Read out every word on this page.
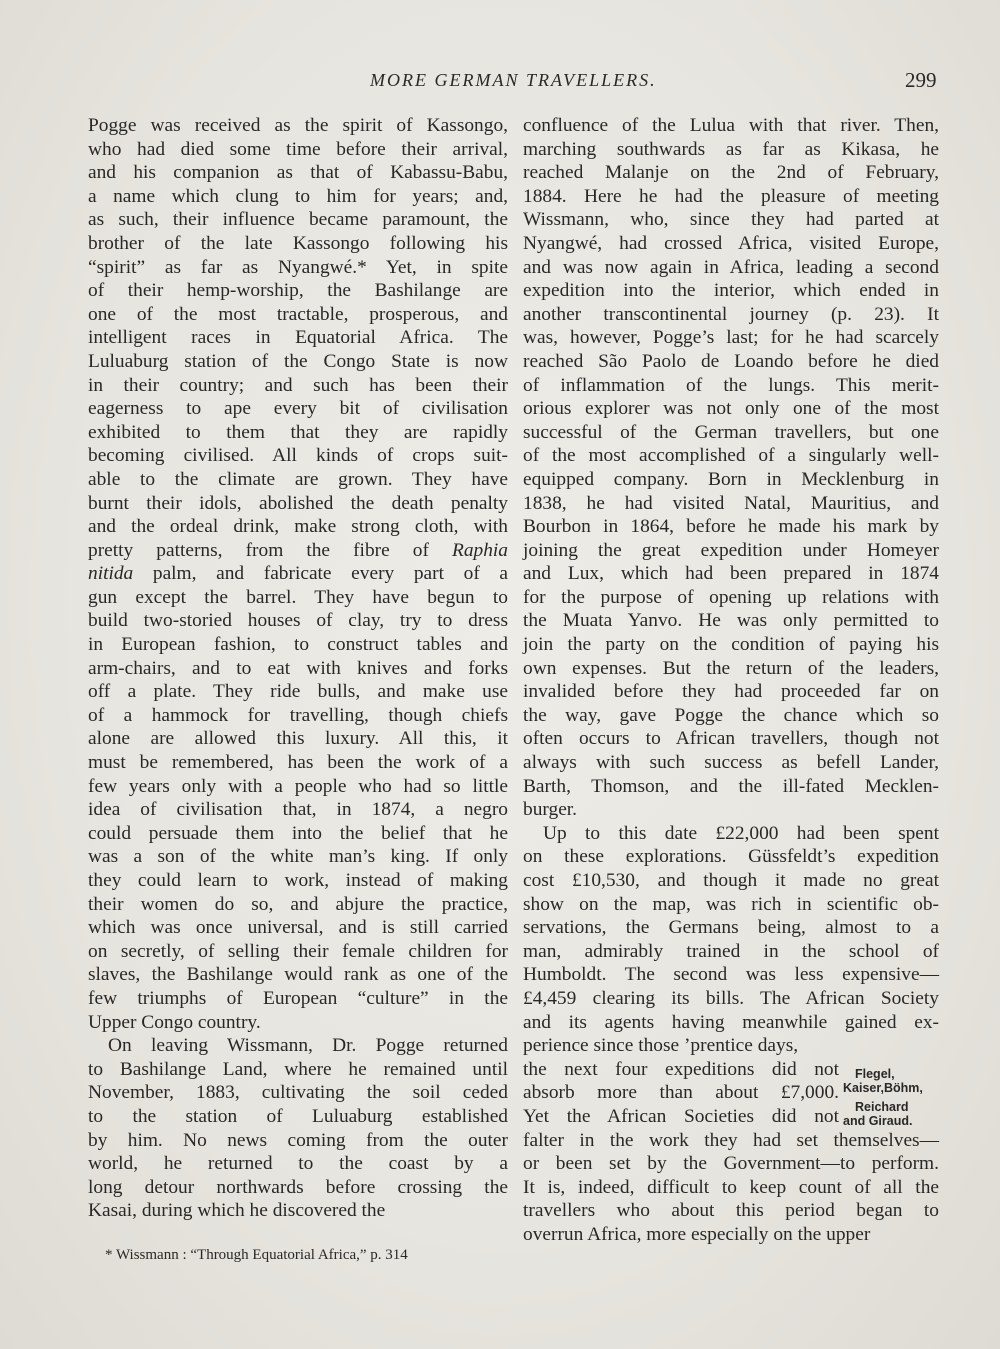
MORE GERMAN TRAVELLERS.	299
Pogge was received as the spirit of Kassongo,
who had died some time before their arrival,
and his companion as that of Kabassu-Babu,
a name which clung to him for years; and,
as such, their influence became paramount, the
brother of the late Kassongo following his
“spirit” as far as Nyangwé.* Yet, in spite
of their hemp-worship, the Bashilange are
one of the most tractable, prosperous, and
intelligent races in Equatorial Africa. The
Luluaburg station of the Congo State is now
in their country; and such has been their
eagerness to ape every bit of civilisation
exhibited to them that they are rapidly
becoming civilised. All kinds of crops suit-
able to the climate are grown. They have
burnt their idols, abolished the death penalty
and the ordeal drink, make strong cloth, with
pretty patterns, from the fibre of Raphia
nitida palm, and fabricate every part of a
gun except the barrel. They have begun to
build two-storied houses of clay, try to dress
in European fashion, to construct tables and
arm-chairs, and to eat with knives and forks
off a plate. They ride bulls, and make use
of a hammock for travelling, though chiefs
alone are allowed this luxury. All this, it
must be remembered, has been the work of a
few years only with a people who had so little
idea of civilisation that, in 1874, a negro
could persuade them into the belief that he
was a son of the white man’s king. If only
they could learn to work, instead of making
their women do so, and abjure the practice,
which was once universal, and is still carried
on secretly, of selling their female children for
slaves, the Bashilange would rank as one of the
few triumphs of European “culture” in the
Upper Congo country.
On leaving Wissmann, Dr. Pogge returned
to Bashilange Land, where he remained until
November, 1883, cultivating the soil ceded
to the station of Luluaburg established
by him. No news coming from the outer
world, he returned to the coast by a
long detour northwards before crossing the
Kasai, during which he discovered the
confluence of the Lulua with that river. Then,
marching southwards as far as Kikasa, he
reached Malanje on the 2nd of February,
1884. Here he had the pleasure of meeting
Wissmann, who, since they had parted at
Nyangwé, had crossed Africa, visited Europe,
and was now again in Africa, leading a second
expedition into the interior, which ended in
another transcontinental journey (p. 23). It
was, however, Pogge’s last; for he had scarcely
reached São Paolo de Loando before he died
of inflammation of the lungs. This merit-
orious explorer was not only one of the most
successful of the German travellers, but one
of the most accomplished of a singularly well-
equipped company. Born in Mecklenburg in
1838, he had visited Natal, Mauritius, and
Bourbon in 1864, before he made his mark by
joining the great expedition under Homeyer
and Lux, which had been prepared in 1874
for the purpose of opening up relations with
the Muata Yanvo. He was only permitted to
join the party on the condition of paying his
own expenses. But the return of the leaders,
invalided before they had proceeded far on
the way, gave Pogge the chance which so
often occurs to African travellers, though not
always with such success as befell Lander,
Barth, Thomson, and the ill-fated Mecklen-
burger.
Up to this date £22,000 had been spent
on these explorations. Güssfeldt’s expedition
cost £10,530, and though it made no great
show on the map, was rich in scientific ob-
servations, the Germans being, almost to a
man, admirably trained in the school of
Humboldt. The second was less expensive—
£4,459 clearing its bills. The African Society
and its agents having meanwhile gained ex-
perience since those ’prentice days,
the next four expeditions did not
absorb more than about £7,000.
Yet the African Societies did not
falter in the work they had set themselves—
or been set by the Government—to perform.
It is, indeed, difficult to keep count of all the
travellers who about this period began to
overrun Africa, more especially on the upper
Flegel,
Kaiser,Böhm,
Reichard
and Giraud.
* Wissmann : “Through Equatorial Africa,” p. 314
